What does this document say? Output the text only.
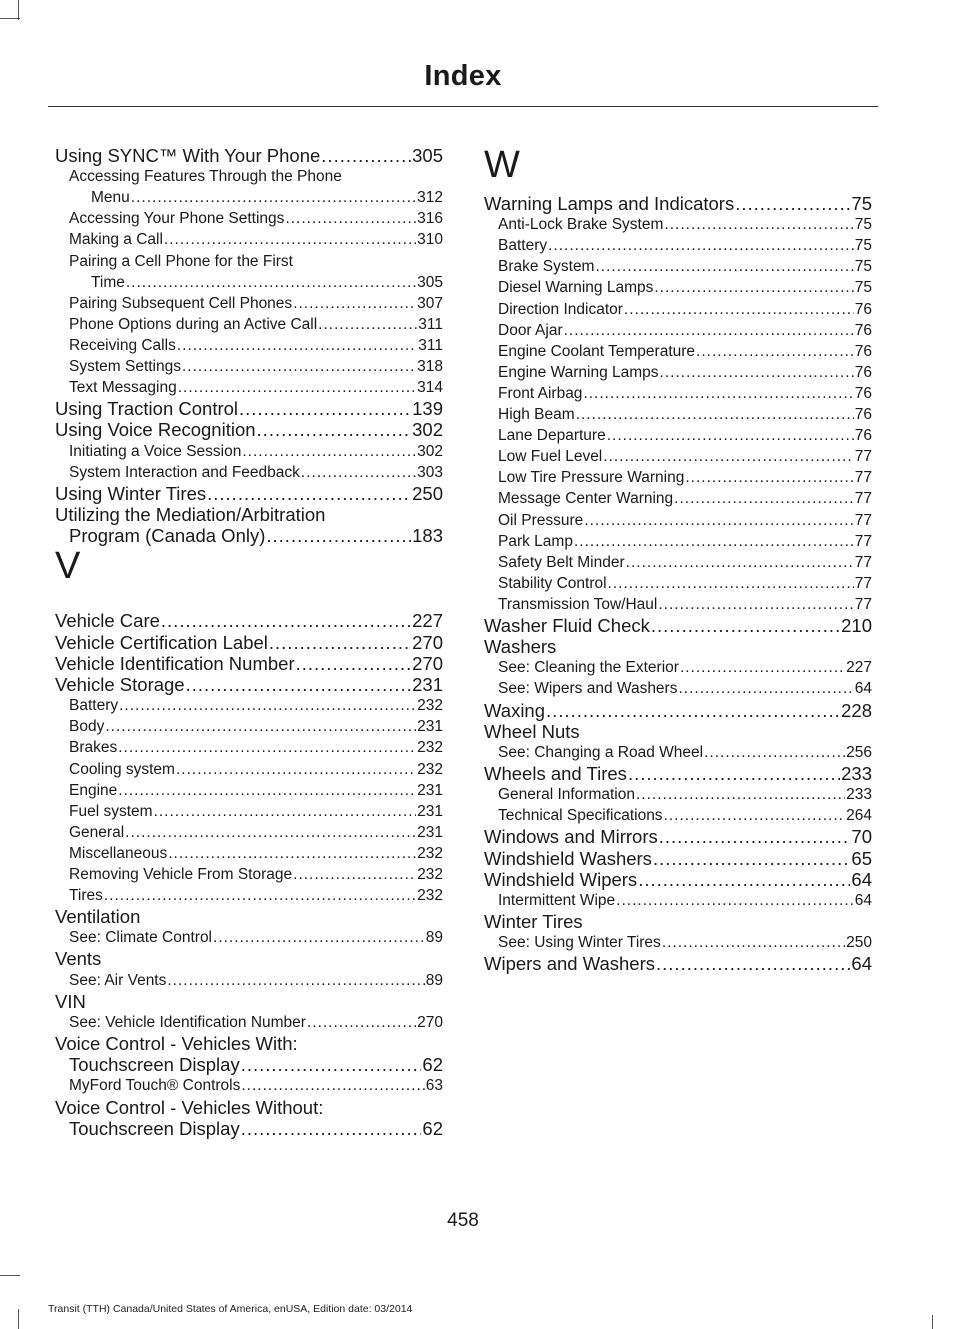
Index
Using SYNC™ With Your Phone .....	305
Accessing Features Through the Phone
Menu .....	312
Accessing Your Phone Settings .....	316
Making a Call .....	310
Pairing a Cell Phone for the First
Time .....	305
Pairing Subsequent Cell Phones .....	307
Phone Options during an Active Call .....	311
Receiving Calls .....	311
System Settings .....	318
Text Messaging .....	314
Using Traction Control .....	139
Using Voice Recognition .....	302
Initiating a Voice Session .....	302
System Interaction and Feedback .....	303
Using Winter Tires .....	250
Utilizing the Mediation/Arbitration
Program (Canada Only) .....	183
V
Vehicle Care .....	227
Vehicle Certification Label .....	270
Vehicle Identification Number .....	270
Vehicle Storage .....	231
Battery .....	232
Body .....	231
Brakes .....	232
Cooling system .....	232
Engine .....	231
Fuel system .....	231
General .....	231
Miscellaneous .....	232
Removing Vehicle From Storage .....	232
Tires .....	232
Ventilation
See: Climate Control .....	89
Vents
See: Air Vents .....	89
VIN
See: Vehicle Identification Number .....	270
Voice Control - Vehicles With:
Touchscreen Display .....	62
MyFord Touch® Controls .....	63
Voice Control - Vehicles Without:
Touchscreen Display .....	62
W
Warning Lamps and Indicators .....	75
Anti-Lock Brake System .....	75
Battery .....	75
Brake System .....	75
Diesel Warning Lamps .....	75
Direction Indicator .....	76
Door Ajar .....	76
Engine Coolant Temperature .....	76
Engine Warning Lamps .....	76
Front Airbag .....	76
High Beam .....	76
Lane Departure .....	76
Low Fuel Level .....	77
Low Tire Pressure Warning .....	77
Message Center Warning .....	77
Oil Pressure .....	77
Park Lamp .....	77
Safety Belt Minder .....	77
Stability Control .....	77
Transmission Tow/Haul .....	77
Washer Fluid Check .....	210
Washers
See: Cleaning the Exterior .....	227
See: Wipers and Washers .....	64
Waxing .....	228
Wheel Nuts
See: Changing a Road Wheel .....	256
Wheels and Tires .....	233
General Information .....	233
Technical Specifications .....	264
Windows and Mirrors .....	70
Windshield Washers .....	65
Windshield Wipers .....	64
Intermittent Wipe .....	64
Winter Tires
See: Using Winter Tires .....	250
Wipers and Washers .....	64
458
Transit (TTH) Canada/United States of America, enUSA, Edition date: 03/2014
